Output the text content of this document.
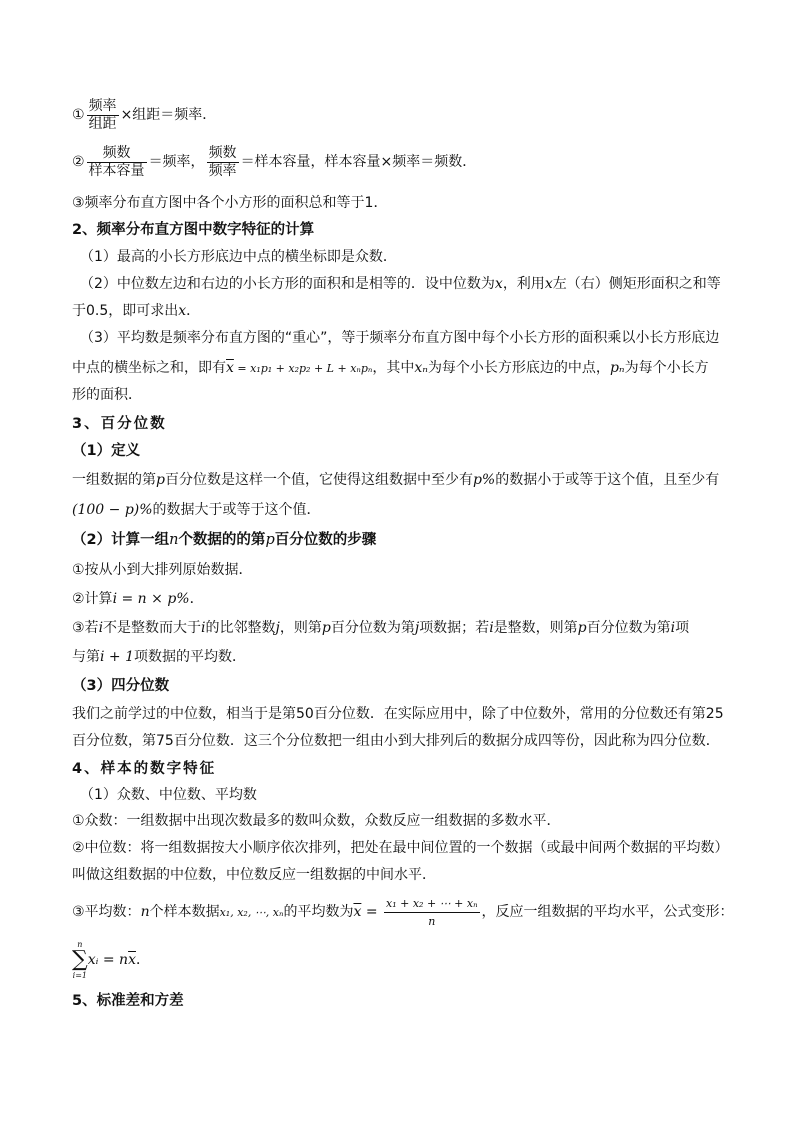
① $\frac{\text{频率}}{\text{组距}}$ ×组距＝频率．
② $\frac{\text{频数}}{\text{样本容量}}$ ＝频率， $\frac{\text{频数}}{\text{频率}}$ ＝样本容量，样本容量×频率＝频数．
③频率分布直方图中各个小方形的面积总和等于1．
2、频率分布直方图中数字特征的计算
（1）最高的小长方形底边中点的横坐标即是众数．
（2）中位数左边和右边的小长方形的面积和是相等的．设中位数为x，利用x左（右）侧矩形面积之和等
于0.5，即可求出x．
（3）平均数是频率分布直方图的“重心”，等于频率分布直方图中每个小长方形的面积乘以小长方形底边
中点的横坐标之和，即有$\overline{x} = x_1p_1 + x_2p_2 + L + x_np_n$，其中xₙ为每个小长方形底边的中点，pₙ为每个小长方
形的面积．
3、百分位数
（1）定义
一组数据的第p百分位数是这样一个值，它使得这组数据中至少有p%的数据小于或等于这个值，且至少有
(100 − p)%的数据大于或等于这个值．
（2）计算一组n个数据的的第p百分位数的步骤
①按从小到大排列原始数据．
②计算i = n × p%．
③若i不是整数而大于i的比邻整数j，则第p百分位数为第j项数据；若i是整数，则第p百分位数为第i项
与第i + 1项数据的平均数．
（3）四分位数
我们之前学过的中位数，相当于是第50百分位数．在实际应用中，除了中位数外，常用的分位数还有第25
百分位数，第75百分位数．这三个分位数把一组由小到大排列后的数据分成四等份，因此称为四分位数．
4、样本的数字特征
（1）众数、中位数、平均数
①众数：一组数据中出现次数最多的数叫众数，众数反应一组数据的多数水平．
②中位数：将一组数据按大小顺序依次排列，把处在最中间位置的一个数据（或最中间两个数据的平均数）
叫做这组数据的中位数，中位数反应一组数据的中间水平．
③平均数：n个样本数据x₁, x₂, ⋯, xₙ的平均数为$\overline{x} = \frac{\text{x₁ + x₂ + ⋯ + xₙ}}{n}$ ，反应一组数据的平均水平，公式变形：
n
∑
i=1
xᵢ = $n\overline{x}$．
5、标准差和方差
